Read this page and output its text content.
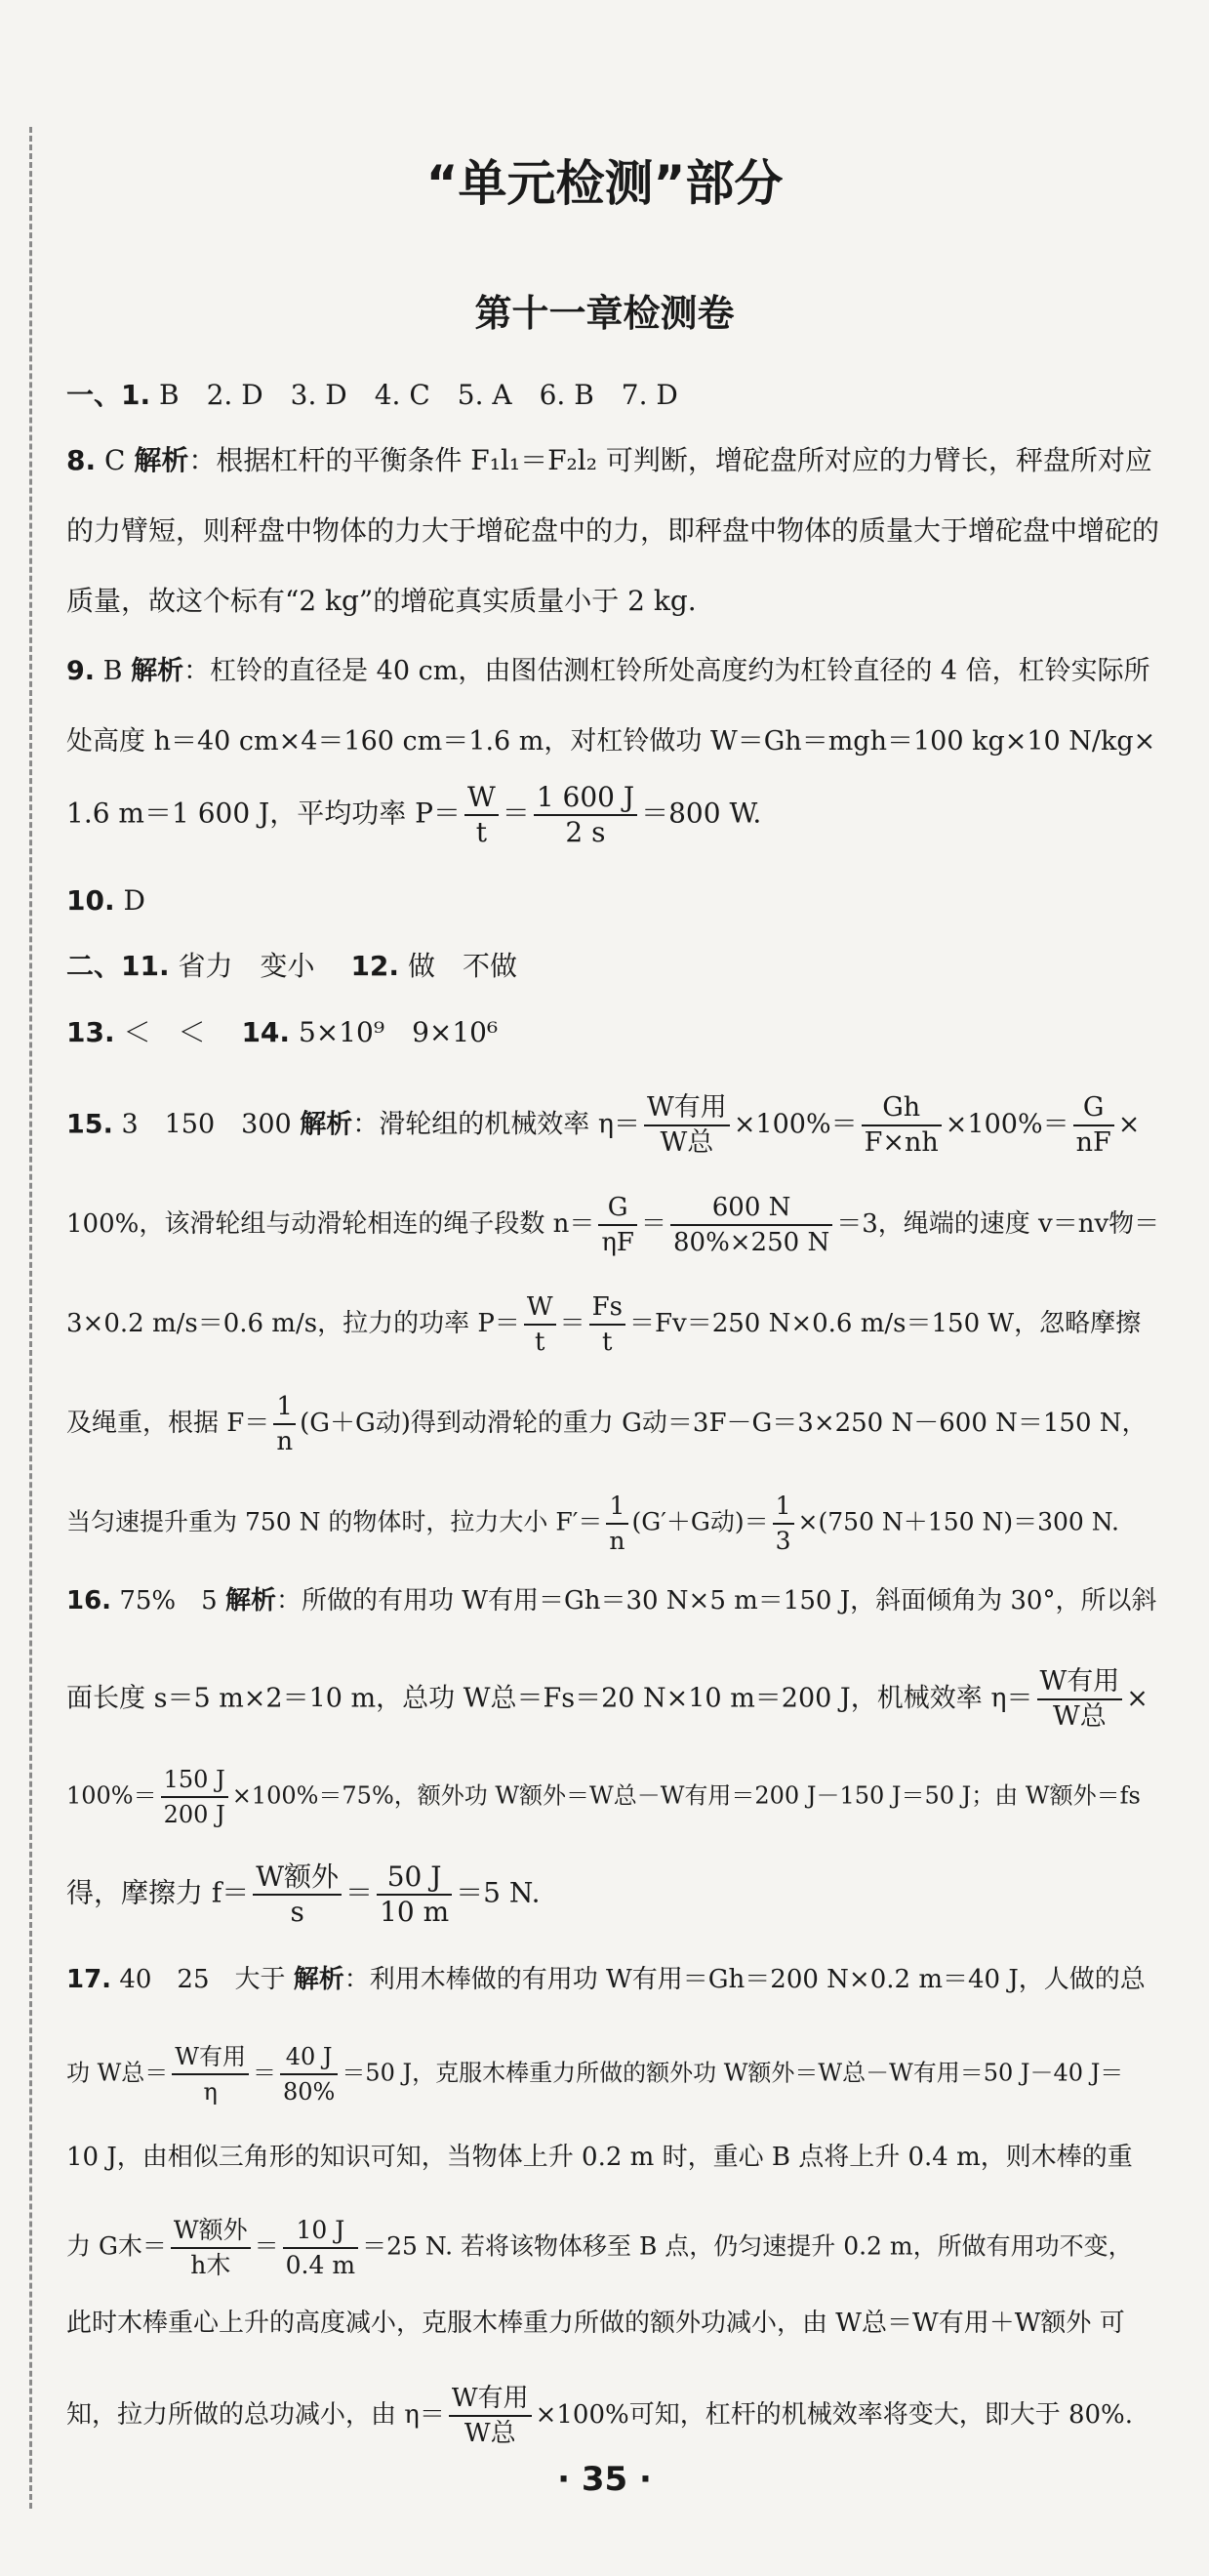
“单元检测”部分
第十一章检测卷
一、1. B　2. D　3. D　4. C　5. A　6. B　7. D
8. C 解析：根据杠杆的平衡条件 F₁l₁＝F₂l₂ 可判断，增砣盘所对应的力臂长，秤盘所对应
的力臂短，则秤盘中物体的力大于增砣盘中的力，即秤盘中物体的质量大于增砣盘中增砣的
质量，故这个标有“2 kg”的增砣真实质量小于 2 kg.
9. B 解析：杠铃的直径是 40 cm，由图估测杠铃所处高度约为杠铃直径的 4 倍，杠铃实际所
处高度 h＝40 cm×4＝160 cm＝1.6 m，对杠铃做功 W＝Gh＝mgh＝100 kg×10 N/kg×
1.6 m＝1 600 J，平均功率 $P= \frac{W}{t} = \frac{1 600 J}{2 s} =800$ W.
10. D
二、11. 省力　变小　 12. 做　不做
13. ＜　＜　 14. 5×10⁹　9×10⁶
15. 3　150　300 解析：滑轮组的机械效率 $\eta= \frac{\text{W有用}}{\text{W总}} \times 100\%= \frac{Gh}{F\times nh} \times 100\%= \frac{G}{nF}$ ×
100%，该滑轮组与动滑轮相连的绳子段数 $n= \frac{G}{\eta F} = \frac{600 N}{80\%\times 250 N} =3$，绳端的速度 v＝nv物＝
3×0.2 m/s＝0.6 m/s，拉力的功率 $P= \frac{W}{t} = \frac{Fs}{t} =Fv=250$ N×0.6 m/s＝150 W，忽略摩擦
及绳重，根据 $F= \frac{1}{n} (G+G$动)得到动滑轮的重力 G动＝3F－G＝3×250 N－600 N＝150 N，
当匀速提升重为 750 N 的物体时，拉力大小 $F'= \frac{1}{n} (G'+G$动)＝ $\frac{1}{3} \times(750$ N＋150 N)＝300 N.
16. 75%　5 解析：所做的有用功 W有用＝Gh＝30 N×5 m＝150 J，斜面倾角为 30°，所以斜
面长度 s＝5 m×2＝10 m，总功 W总＝Fs＝20 N×10 m＝200 J，机械效率 $\eta= \frac{\text{W有用}}{\text{W总}}$ ×
$100\%= \frac{150 J}{200 J} \times 100\%=75\%$，额外功 W额外＝W总－W有用＝200 J－150 J＝50 J；由 W额外＝fs
得，摩擦力 $f= \frac{\text{W额外}}{s} = \frac{50 J}{10 m} =5$ N.
17. 40　25　大于 解析：利用木棒做的有用功 W有用＝Gh＝200 N×0.2 m＝40 J，人做的总
功 W总＝ $\frac{\text{W有用}}{\eta} = \frac{40 J}{80\%} =50$ J，克服木棒重力所做的额外功 W额外＝W总－W有用＝50 J－40 J＝
10 J，由相似三角形的知识可知，当物体上升 0.2 m 时，重心 B 点将上升 0.4 m，则木棒的重
力 G木＝ $\frac{\text{W额外}}{\text{h木}} = \frac{10 J}{0.4 m} =25$ N. 若将该物体移至 B 点，仍匀速提升 0.2 m，所做有用功不变，
此时木棒重心上升的高度减小，克服木棒重力所做的额外功减小，由 W总＝W有用＋W额外 可
知，拉力所做的总功减小，由 $\eta= \frac{\text{W有用}}{\text{W总}} \times 100\%$可知，杠杆的机械效率将变大，即大于 80%.
· 35 ·
